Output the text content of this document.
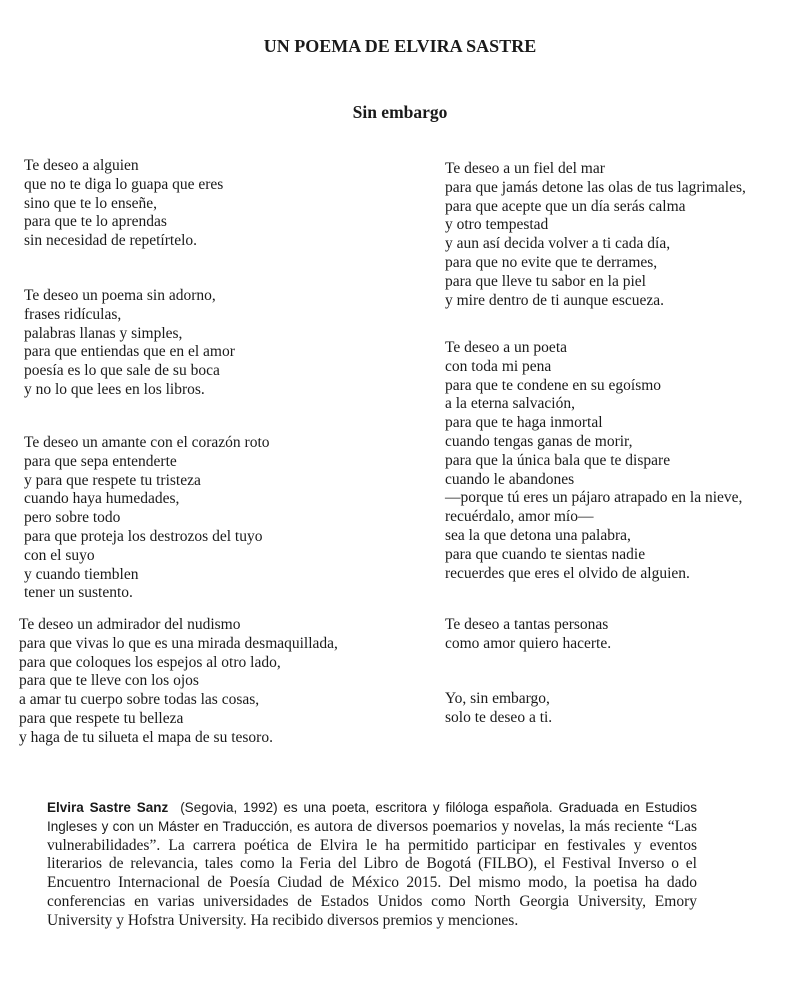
UN POEMA DE ELVIRA SASTRE
Sin embargo
Te deseo a alguien
que no te diga lo guapa que eres
sino que te lo enseñe,
para que te lo aprendas
sin necesidad de repetírtelo.
Te deseo un poema sin adorno,
frases ridículas,
palabras llanas y simples,
para que entiendas que en el amor
poesía es lo que sale de su boca
y no lo que lees en los libros.
Te deseo un amante con el corazón roto
para que sepa entenderte
y para que respete tu tristeza
cuando haya humedades,
pero sobre todo
para que proteja los destrozos del tuyo
con el suyo
y cuando tiemblen
tener un sustento.
Te deseo un admirador del nudismo
para que vivas lo que es una mirada desmaquillada,
para que coloques los espejos al otro lado,
para que te lleve con los ojos
a amar tu cuerpo sobre todas las cosas,
para que respete tu belleza
y haga de tu silueta el mapa de su tesoro.
Te deseo a un fiel del mar
para que jamás detone las olas de tus lagrimales,
para que acepte que un día serás calma
y otro tempestad
y aun así decida volver a ti cada día,
para que no evite que te derrames,
para que lleve tu sabor en la piel
y mire dentro de ti aunque escueza.
Te deseo a un poeta
con toda mi pena
para que te condene en su egoísmo
a la eterna salvación,
para que te haga inmortal
cuando tengas ganas de morir,
para que la única bala que te dispare
cuando le abandones
—porque tú eres un pájaro atrapado en la nieve,
recuérdalo, amor mío—
sea la que detona una palabra,
para que cuando te sientas nadie
recuerdes que eres el olvido de alguien.
Te deseo a tantas personas
como amor quiero hacerte.
Yo, sin embargo,
solo te deseo a ti.

Elvira Sastre Sanz (Segovia, 1992) es una poeta, escritora y filóloga española. Graduada en Estudios Ingleses y con un Máster en Traducción, es autora de diversos poemarios y novelas, la más reciente “Las vulnerabilidades”. La carrera poética de Elvira le ha permitido participar en festivales y eventos literarios de relevancia, tales como la Feria del Libro de Bogotá (FILBO), el Festival Inverso o el Encuentro Internacional de Poesía Ciudad de México 2015. Del mismo modo, la poetisa ha dado conferencias en varias universidades de Estados Unidos como North Georgia University, Emory University y Hofstra University. Ha recibido diversos premios y menciones.
